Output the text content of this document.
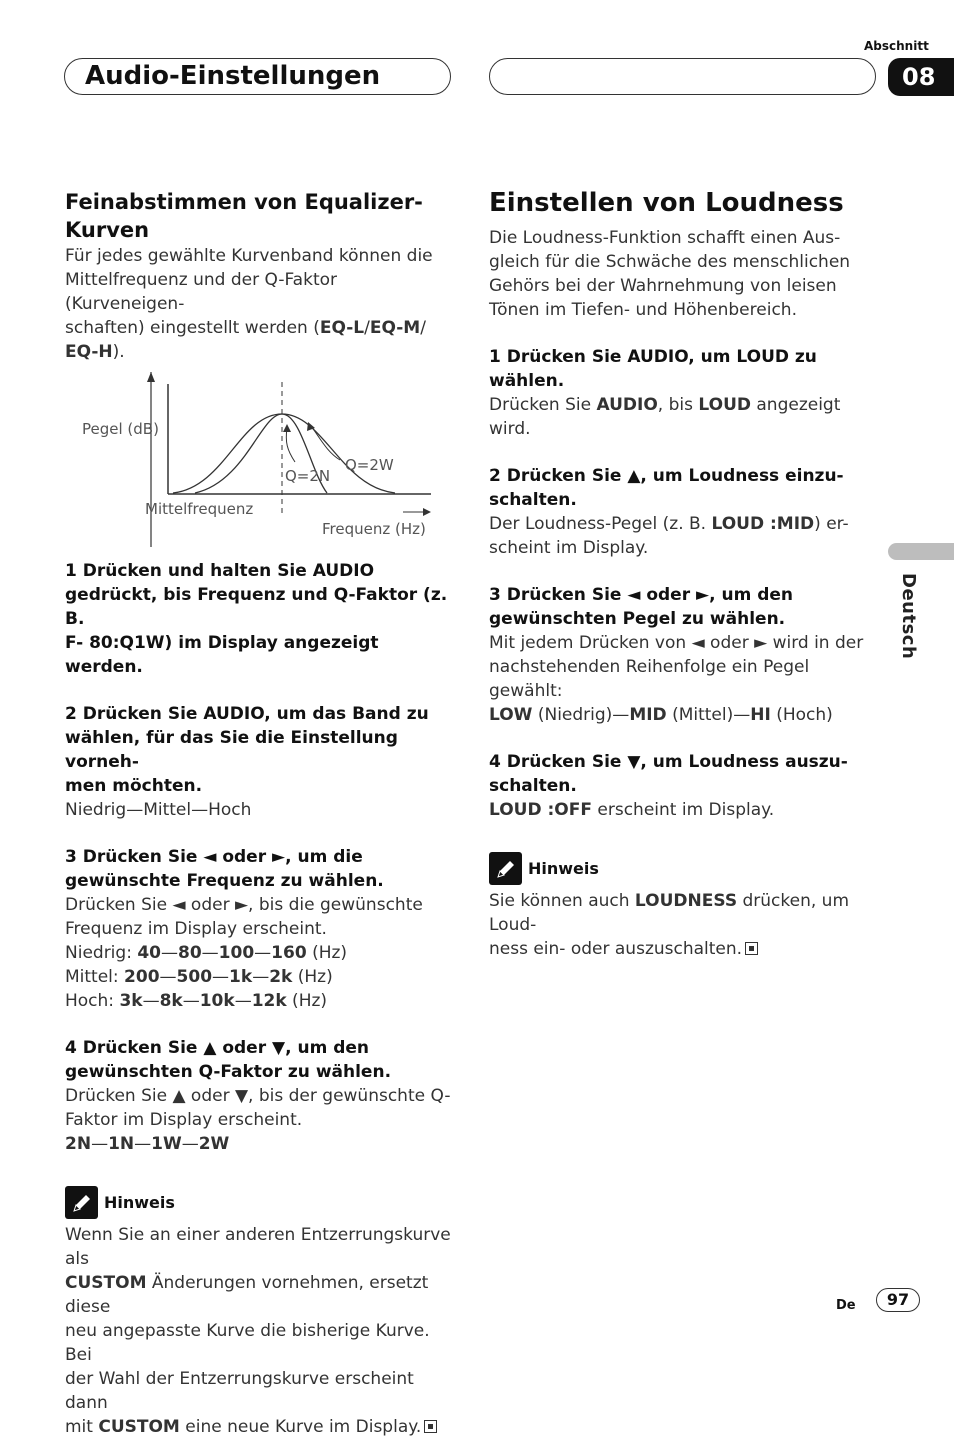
Audio-Einstellungen
Abschnitt
08
Deutsch
Feinabstimmen von Equalizer-
Kurven

Für jedes gewählte Kurvenband können die
Mittelfrequenz und der Q-Faktor (Kurveneigen-
schaften) eingestellt werden (EQ-L/EQ-M/
EQ-H).

Pegel (dB)
Q=2N
Q=2W
Mittelfrequenz
Frequenz (Hz)

1 Drücken und halten Sie AUDIO
gedrückt, bis Frequenz und Q-Faktor (z. B.
F- 80:Q1W) im Display angezeigt werden.

2 Drücken Sie AUDIO, um das Band zu
wählen, für das Sie die Einstellung vorneh-
men möchten.

Niedrig—Mittel—Hoch

3 Drücken Sie ◄ oder ►, um die
gewünschte Frequenz zu wählen.

Drücken Sie ◄ oder ►, bis die gewünschte
Frequenz im Display erscheint.
Niedrig: 40—80—100—160 (Hz)
Mittel: 200—500—1k—2k (Hz)
Hoch: 3k—8k—10k—12k (Hz)

4 Drücken Sie ▲ oder ▼, um den
gewünschten Q-Faktor zu wählen.

Drücken Sie ▲ oder ▼, bis der gewünschte Q-
Faktor im Display erscheint.
2N—1N—1W—2W

Hinweis

Wenn Sie an einer anderen Entzerrungskurve als
CUSTOM Änderungen vornehmen, ersetzt diese
neu angepasste Kurve die bisherige Kurve. Bei
der Wahl der Entzerrungskurve erscheint dann
mit CUSTOM eine neue Kurve im Display.

Einstellen von Loudness

Die Loudness-Funktion schafft einen Aus-
gleich für die Schwäche des menschlichen
Gehörs bei der Wahrnehmung von leisen
Tönen im Tiefen- und Höhenbereich.

1 Drücken Sie AUDIO, um LOUD zu
wählen.

Drücken Sie AUDIO, bis LOUD angezeigt
wird.

2 Drücken Sie ▲, um Loudness einzu-
schalten.

Der Loudness-Pegel (z. B. LOUD :MID) er-
scheint im Display.

3 Drücken Sie ◄ oder ►, um den
gewünschten Pegel zu wählen.

Mit jedem Drücken von ◄ oder ► wird in der
nachstehenden Reihenfolge ein Pegel
gewählt:
LOW (Niedrig)—MID (Mittel)—HI (Hoch)

4 Drücken Sie ▼, um Loudness auszu-
schalten.

LOUD :OFF erscheint im Display.

Hinweis

Sie können auch LOUDNESS drücken, um Loud-
ness ein- oder auszuschalten.

De	97
